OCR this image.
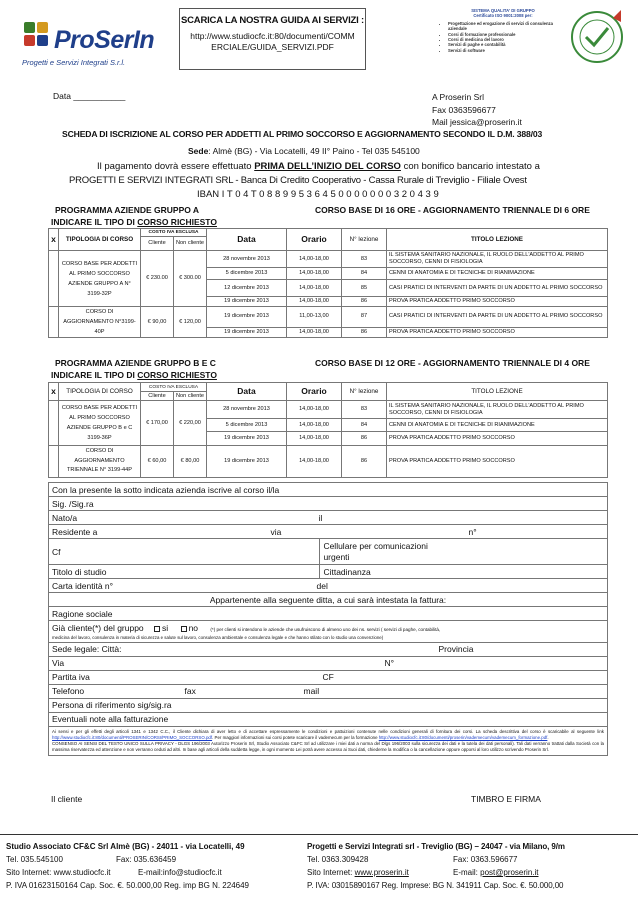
ProSerIn
Progetti e Servizi Integrati S.r.l.
SCARICA LA NOSTRA GUIDA AI SERVIZI :
http://www.studiocfc.it:80/documenti/COMM
ERCIALE/GUIDA_SERVIZI.PDF
SISTEMA QUALITA' DI GRUPPO
Certificato ISO 9001:2008 per:
• Progettazione ed erogazione di servizi di consulenza aziendale
• Corsi di formazione professionale
• Corsi di medicina del lavoro
• Servizi di paghe e contabilità
• Servizi di software
Data ___________	A Proserin Srl
Fax 0363596677
Mail jessica@proserin.it
SCHEDA DI ISCRIZIONE AL CORSO PER ADDETTI AL PRIMO SOCCORSO E AGGIORNAMENTO SECONDO IL D.M. 388/03
Sede: Almè (BG) - Via Locatelli, 49 II° Paino - Tel 035 545100
Il pagamento dovrà essere effettuato PRIMA DELL’INIZIO DEL CORSO con bonifico bancario intestato a
PROGETTI E SERVIZI INTEGRATI SRL - Banca Di Credito Cooperativo - Cassa Rurale di Treviglio - Filiale Ovest
IBAN I T 0 4 T 0 8 8 9 9 5 3 6 4 5 0 0 0 0 0 0 0 3 2 0 4 3 9
PROGRAMMA AZIENDE GRUPPO A	CORSO BASE DI 16 ORE - AGGIORNAMENTO TRIENNALE DI 6 ORE
INDICARE IL TIPO DI CORSO RICHIESTO
x	TIPOLOGIA DI CORSO	COSTO IVA ESCLUSA		Data	Orario	N° lezione	TITOLO LEZIONE
		Cliente	Non cliente				
	CORSO BASE PER ADDETTI AL PRIMO SOCCORSO AZIENDE GRUPPO A N° 3199-32P	€ 230.00	€ 300.00	28 novembre 2013	14,00-18,00	83	IL SISTEMA SANITARIO NAZIONALE, IL RUOLO DELL'ADDETTO AL PRIMO SOCCORSO, CENNI DI FISIOLOGIA
				5 dicembre 2013	14,00-18,00	84	CENNI DI ANATOMIA E DI TECNICHE DI RIANIMAZIONE
				12 dicembre 2013	14,00-18,00	85	CASI PRATICI DI INTERVENTI DA PARTE DI UN ADDETTO AL PRIMO SOCCORSO
				19 dicembre 2013	14,00-18,00	86	PROVA PRATICA ADDETTO PRIMO SOCCORSO
	CORSO DI AGGIORNAMENTO N°3199-40P	€ 90,00	€ 120,00	19 dicembre 2013	11,00-13,00	87	CASI PRATICI DI INTERVENTI DA PARTE DI UN ADDETTO AL PRIMO SOCCORSO
				19 dicembre 2013	14,00-18,00	86	PROVA PRATICA ADDETTO PRIMO SOCCORSO
PROGRAMMA AZIENDE GRUPPO B E C	CORSO BASE DI 12 ORE - AGGIORNAMENTO TRIENNALE DI 4 ORE
INDICARE IL TIPO DI CORSO RICHIESTO
x	TIPOLOGIA DI CORSO	COSTO IVA ESCLUSA		Data	Orario	N° lezione	TITOLO LEZIONE
		Cliente	Non cliente				
	CORSO BASE PER ADDETTI AL PRIMO SOCCORSO AZIENDE GRUPPO B e C 3199-36P	€ 170,00	€ 220,00	28 novembre 2013	14,00-18,00	83	IL SISTEMA SANITARIO NAZIONALE, IL RUOLO DELL'ADDETTO AL PRIMO SOCCORSO, CENNI DI FISIOLOGIA
				5 dicembre 2013	14,00-18,00	84	CENNI DI ANATOMIA E DI TECNICHE DI RIANIMAZIONE
				19 dicembre 2013	14,00-18,00	86	PROVA PRATICA ADDETTO PRIMO SOCCORSO
	CORSO DI AGGIORNAMENTO TRIENNALE N° 3199-44P	€ 60,00	€ 80,00	19 dicembre 2013	14,00-18,00	86	PROVA PRATICA ADDETTO PRIMO SOCCORSO
Con la presente la sotto indicata azienda iscrive al corso il/la	
Sig. /Sig.ra	
Nato/a il	

Residente a via n°	

Cf	Cellulare per comunicazioni urgenti
Titolo di studio	Cittadinanza
Carta identità n° del	

Appartenente alla seguente ditta, a cui sarà intestata la fattura:	
Ragione sociale	
Già cliente(*) del gruppo si no (*) per clienti si intendono le aziende che usufruiscono di almeno uno dei ns. servizi ( servizi di paghe, contabilità,	
medicina del lavoro, consulenza in materia di sicurezza e salute sul lavoro, consulenza ambientale e consulenza legale e che hanno stilato con lo studio una convenzione)	
Sede legale: Città: Provincia	

Via N°	

Partita iva CF	

Telefono fax mail	

Persona di riferimento sig/sig.ra	
Eventuali note alla fatturazione	
Ai sensi e per gli effetti degli articoli 1341 e 1342 C.C., il Cliente dichiara di aver letto e di accettare espressamente le condizioni e pattuizioni contenute nelle condizioni generali di fornitura dei corsi. La scheda descrittiva del corso è scaricabile al seguente link http://www.studiocfc.it:80/documenti/PROSERIN/CORSI/PRIMO_SOCCORSO.pdf. Per maggiori informazioni sui corsi potete scaricare il vademecum per la formazione http://www.studiocfc.it:80/documenti/proserin/vademecum/vademecum_formazione.pdf.
CONSENSO AI SENSI DEL TESTO UNICO SULLA PRIVACY - DLGS 196/2003 Autorizzo Proserin Srl, Studio Associato C&FC Srl ad utilizzare i miei dati a norma del Dlgs 196/2003 sulla sicurezza dei dati e la tutela dei dati personali). Tali dati verranno trattati dalla Società con la massima riservatezza ed attenzione e non verranno ceduti ad altri. In base agli articoli della suddetta legge, in ogni momento Lei potrà avere accesso ai Suoi dati, chiederne la modifica o la cancellazione oppure opporsi al loro utilizzo scrivendo Proserin Srl.	
Il cliente	TIMBRO E FIRMA
Studio Associato CF&C Srl Almè (BG) - 24011 - via Locatelli, 49
Tel. 035.545100	Fax: 035.636459
Sito Internet: www.studiocfc.it	E-mail:info@studiocfc.it
P. IVA 01623150164 Cap. Soc. €. 50.000,00 Reg. imp BG N. 224649
Progetti e Servizi Integrati srl - Treviglio (BG) – 24047 - via Milano, 9/m
Tel. 0363.309428	Fax: 0363.596677
Sito Internet: www.proserin.it	E-mail: post@proserin.it
P. IVA: 03015890167 Reg. Imprese: BG N. 341911 Cap. Soc. €. 50.000,00
